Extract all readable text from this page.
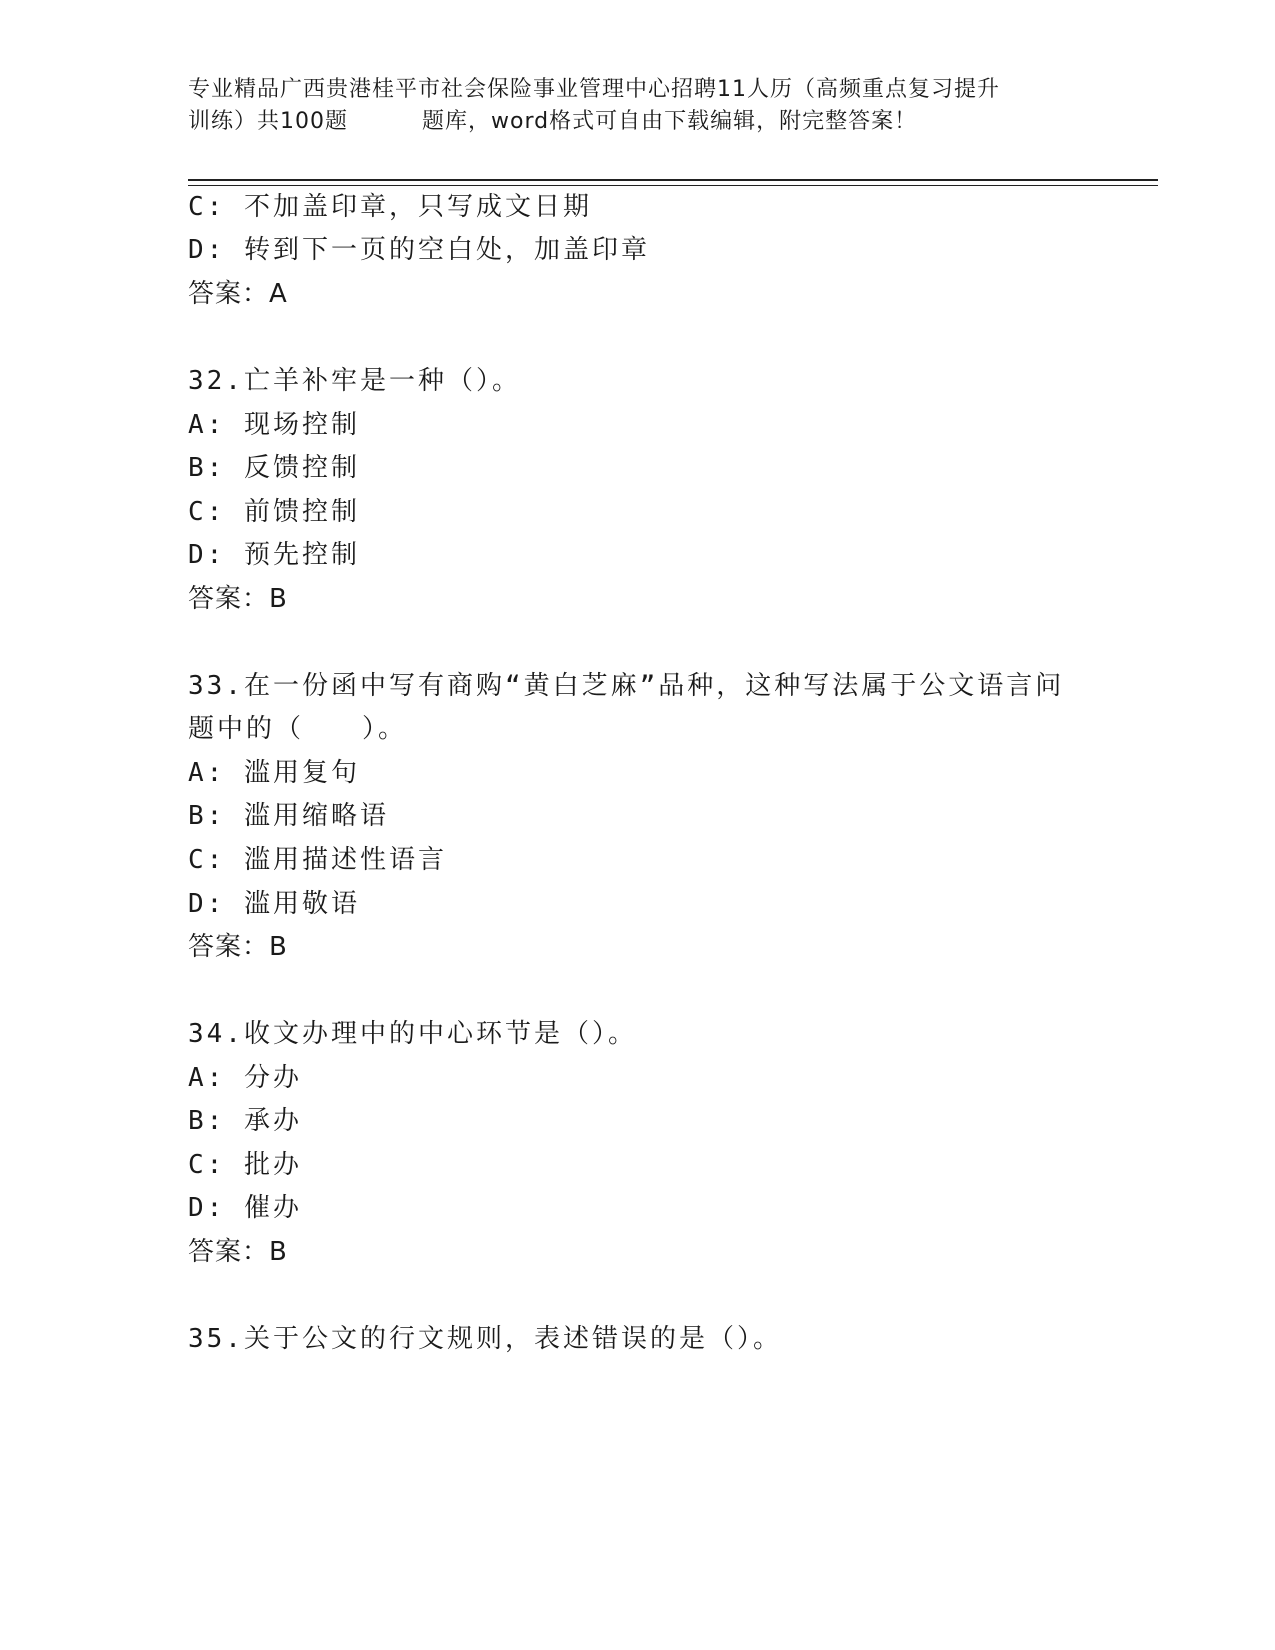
专业精品广西贵港桂平市社会保险事业管理中心招聘11人历（高频重点复习提升
训练）共100题	题库，word格式可自由下载编辑，附完整答案！
C: 不加盖印章，只写成文日期
D: 转到下一页的空白处，加盖印章
答案：A
32.亡羊补牢是一种（）。
A: 现场控制
B: 反馈控制
C: 前馈控制
D: 预先控制
答案：B
33.在一份函中写有商购“黄白芝麻”品种，这种写法属于公文语言问
题中的（　　）。
A: 滥用复句
B: 滥用缩略语
C: 滥用描述性语言
D: 滥用敬语
答案：B
34.收文办理中的中心环节是（）。
A: 分办
B: 承办
C: 批办
D: 催办
答案：B
35.关于公文的行文规则，表述错误的是（）。
